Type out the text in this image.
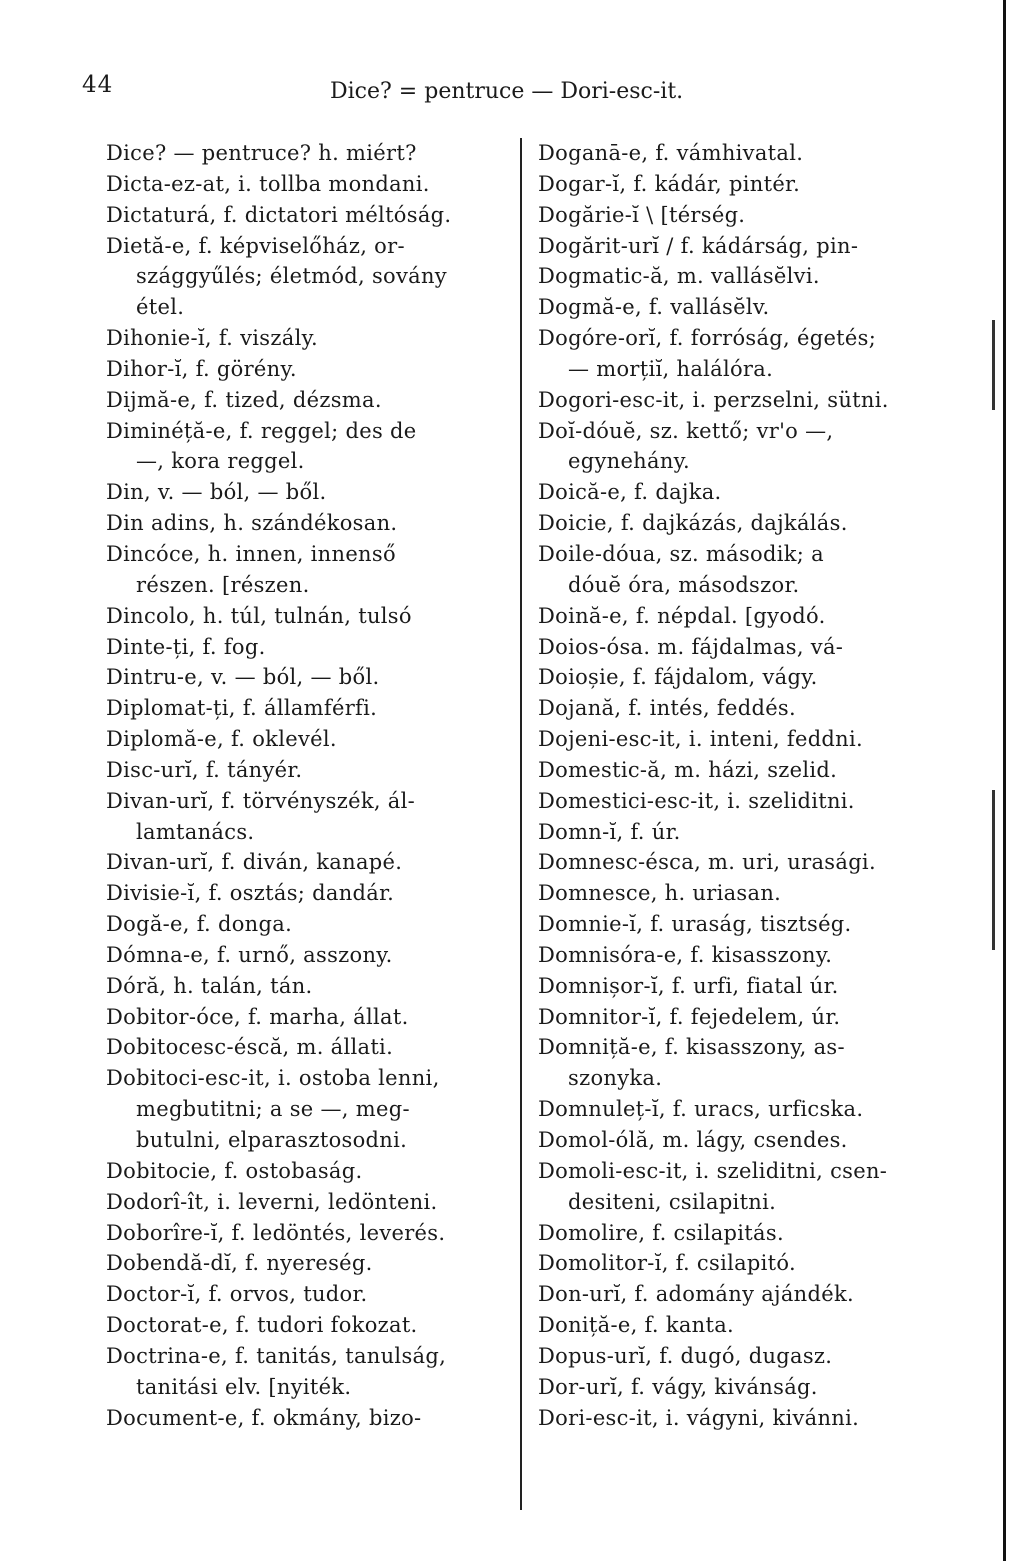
44	Dice? = pentruce — Dori-esc-it.
Dice? — pentruce? h. miért?
Dicta-ez-at, i. tollba mondani.
Dictaturá, f. dictatori méltóság.
Dietă-e, f. képviselőház, or-
szággyűlés; életmód, sovány
étel.
Dihonie-ĭ, f. viszály.
Dihor-ĭ, f. görény.
Dijmă-e, f. tized, dézsma.
Diminéță-e, f. reggel; des de
—, kora reggel.
Din, v. — ból, — ből.
Din adins, h. szándékosan.
Dincóce, h. innen, innenső
részen. [részen.
Dincolo, h. túl, tulnán, tulsó
Dinte-ți, f. fog.
Dintru-e, v. — ból, — ből.
Diplomat-ți, f. államférfi.
Diplomă-e, f. oklevél.
Disc-urĭ, f. tányér.
Divan-urĭ, f. törvényszék, ál-
lamtanács.
Divan-urĭ, f. diván, kanapé.
Divisie-ĭ, f. osztás; dandár.
Dogă-e, f. donga.
Dómna-e, f. urnő, asszony.
Dóră, h. talán, tán.
Dobitor-óce, f. marha, állat.
Dobitocesc-éscă, m. állati.
Dobitoci-esc-it, i. ostoba lenni,
megbutitni; a se —, meg-
butulni, elparasztosodni.
Dobitocie, f. ostobaság.
Dodorî-ît, i. leverni, ledönteni.
Doborîre-ĭ, f. ledöntés, leverés.
Dobendă-dĭ, f. nyereség.
Doctor-ĭ, f. orvos, tudor.
Doctorat-e, f. tudori fokozat.
Doctrina-e, f. tanitás, tanulság,
tanitási elv. [nyiték.
Document-e, f. okmány, bizo-
Doganā-e, f. vámhivatal.
Dogar-ĭ, f. kádár, pintér.
Dogărie-ĭ \ [térség.
Dogărit-urĭ / f. kádárság, pin-
Dogmatic-ă, m. vallásĕlvi.
Dogmă-e, f. vallásĕlv.
Dogóre-orĭ, f. forróság, égetés;
— morțiĭ, halálóra.
Dogori-esc-it, i. perzselni, sütni.
Doĭ-dóuĕ, sz. kettő; vr'o —,
egynehány.
Doică-e, f. dajka.
Doicie, f. dajkázás, dajkálás.
Doile-dóua, sz. második; a
dóuĕ óra, másodszor.
Doină-e, f. népdal. [gyodó.
Doios-ósa. m. fájdalmas, vá-
Doioșie, f. fájdalom, vágy.
Dojană, f. intés, feddés.
Dojeni-esc-it, i. inteni, feddni.
Domestic-ă, m. házi, szelid.
Domestici-esc-it, i. szeliditni.
Domn-ĭ, f. úr.
Domnesc-ésca, m. uri, urasági.
Domnesce, h. uriasan.
Domnie-ĭ, f. uraság, tisztség.
Domnisóra-e, f. kisasszony.
Domnișor-ĭ, f. urfi, fiatal úr.
Domnitor-ĭ, f. fejedelem, úr.
Domniță-e, f. kisasszony, as-
szonyka.
Domnuleț-ĭ, f. uracs, urficska.
Domol-ólă, m. lágy, csendes.
Domoli-esc-it, i. szeliditni, csen-
desiteni, csilapitni.
Domolire, f. csilapitás.
Domolitor-ĭ, f. csilapitó.
Don-urĭ, f. adomány ajándék.
Doniță-e, f. kanta.
Dopus-urĭ, f. dugó, dugasz.
Dor-urĭ, f. vágy, kivánság.
Dori-esc-it, i. vágyni, kivánni.
